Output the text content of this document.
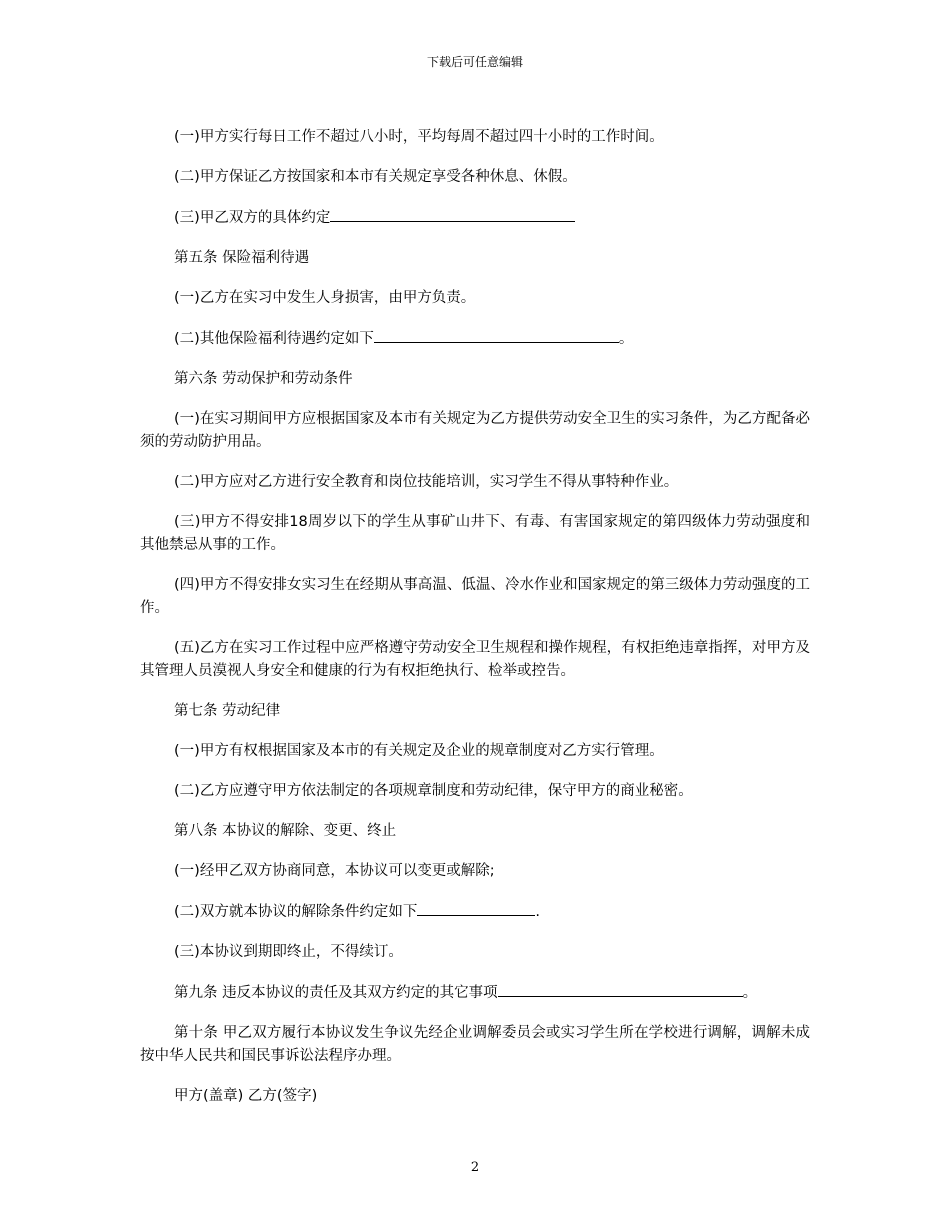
下载后可任意编辑

(一)甲方实行每日工作不超过八小时，平均每周不超过四十小时的工作时间。

(二)甲方保证乙方按国家和本市有关规定享受各种休息、休假。

(三)甲乙双方的具体约定

第五条 保险福利待遇

(一)乙方在实习中发生人身损害，由甲方负责。

(二)其他保险福利待遇约定如下	。

第六条 劳动保护和劳动条件

(一)在实习期间甲方应根据国家及本市有关规定为乙方提供劳动安全卫生的实习条件，为乙方配备必须的劳动防护用品。

(二)甲方应对乙方进行安全教育和岗位技能培训，实习学生不得从事特种作业。

(三)甲方不得安排18周岁以下的学生从事矿山井下、有毒、有害国家规定的第四级体力劳动强度和其他禁忌从事的工作。

(四)甲方不得安排女实习生在经期从事高温、低温、冷水作业和国家规定的第三级体力劳动强度的工作。

(五)乙方在实习工作过程中应严格遵守劳动安全卫生规程和操作规程，有权拒绝违章指挥，对甲方及其管理人员漠视人身安全和健康的行为有权拒绝执行、检举或控告。

第七条 劳动纪律

(一)甲方有权根据国家及本市的有关规定及企业的规章制度对乙方实行管理。

(二)乙方应遵守甲方依法制定的各项规章制度和劳动纪律，保守甲方的商业秘密。

第八条 本协议的解除、变更、终止

(一)经甲乙双方协商同意，本协议可以变更或解除;

(二)双方就本协议的解除条件约定如下	.

(三)本协议到期即终止，不得续订。

第九条 违反本协议的责任及其双方约定的其它事项	。

第十条 甲乙双方履行本协议发生争议先经企业调解委员会或实习学生所在学校进行调解，调解未成按中华人民共和国民事诉讼法程序办理。

甲方(盖章) 乙方(签字)

2
